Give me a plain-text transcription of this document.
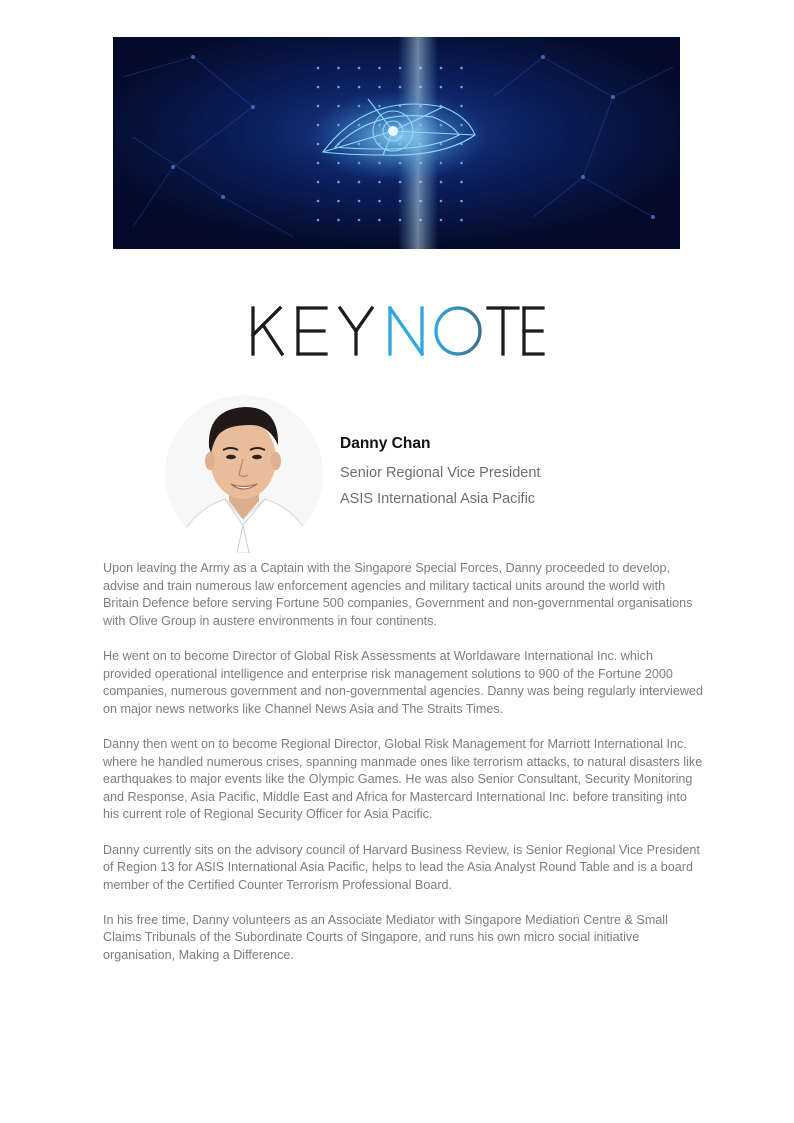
Danny Chan

Senior Regional Vice President

ASIS International Asia Pacific

Upon leaving the Army as a Captain with the Singapore Special Forces, Danny proceeded to develop, advise and train numerous law enforcement agencies and military tactical units around the world with Britain Defence before serving Fortune 500 companies, Government and non-governmental organisations with Olive Group in austere environments in four continents.

He went on to become Director of Global Risk Assessments at Worldaware International Inc. which provided operational intelligence and enterprise risk management solutions to 900 of the Fortune 2000 companies, numerous government and non-governmental agencies. Danny was being regularly interviewed on major news networks like Channel News Asia and The Straits Times.

Danny then went on to become Regional Director, Global Risk Management for Marriott International Inc. where he handled numerous crises, spanning manmade ones like terrorism attacks, to natural disasters like earthquakes to major events like the Olympic Games. He was also Senior Consultant, Security Monitoring and Response, Asia Pacific, Middle East and Africa for Mastercard International Inc. before transiting into his current role of Regional Security Officer for Asia Pacific.

Danny currently sits on the advisory council of Harvard Business Review, is Senior Regional Vice President of Region 13 for ASIS International Asia Pacific, helps to lead the Asia Analyst Round Table and is a board member of the Certified Counter Terrorism Professional Board.

In his free time, Danny volunteers as an Associate Mediator with Singapore Mediation Centre & Small Claims Tribunals of the Subordinate Courts of Singapore, and runs his own micro social initiative organisation, Making a Difference.
